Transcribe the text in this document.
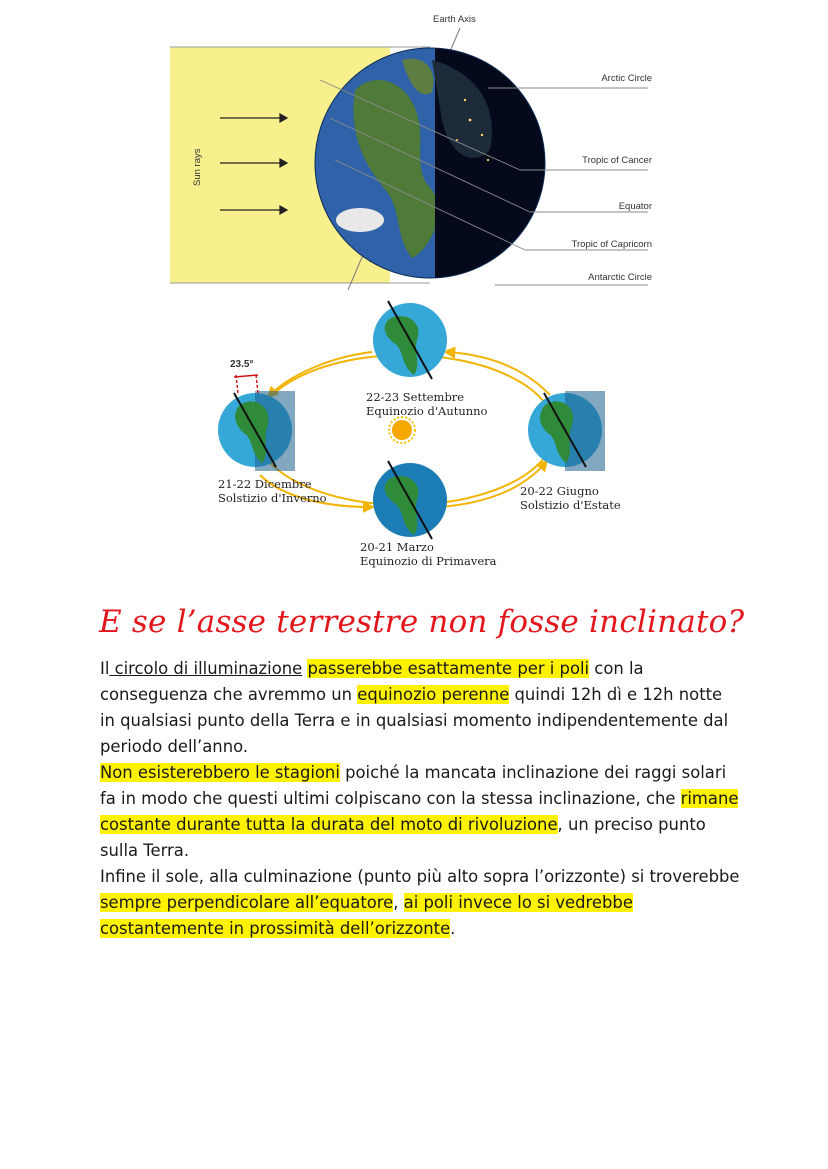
Sun rays
Earth Axis
Arctic Circle
Tropic of Cancer
Equator
Tropic of Capricorn
Antarctic Circle
23.5°
22-23 Settembre
Equinozio d'Autunno
21-22 Dicembre
Solstizio d'Inverno	20-22 Giugno
Solstizio d'Estate
20-21 Marzo
Equinozio di Primavera
E se l’asse terrestre non fosse inclinato?

Il circolo di illuminazione passerebbe esattamente per i poli con la conseguenza che avremmo un equinozio perenne quindi 12h dì e 12h notte in qualsiasi punto della Terra e in qualsiasi momento indipendentemente dal periodo dell’anno.

Non esisterebbero le stagioni poiché la mancata inclinazione dei raggi solari fa in modo che questi ultimi colpiscano con la stessa inclinazione, che rimane costante durante tutta la durata del moto di rivoluzione, un preciso punto sulla Terra.

Infine il sole, alla culminazione (punto più alto sopra l’orizzonte) si troverebbe sempre perpendicolare all’equatore, ai poli invece lo si vedrebbe costantemente in prossimità dell’orizzonte.
